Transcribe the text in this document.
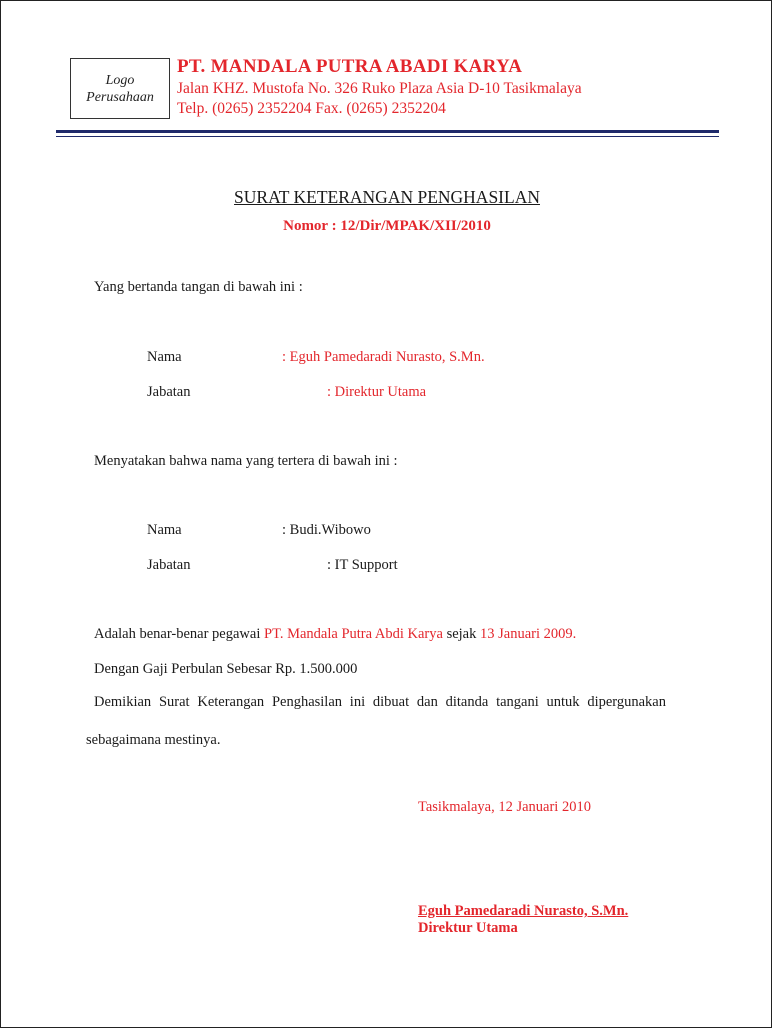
Logo
Perusahaan
PT. MANDALA PUTRA ABADI KARYA
Jalan KHZ. Mustofa No. 326 Ruko Plaza Asia D-10 Tasikmalaya
Telp. (0265) 2352204 Fax. (0265) 2352204
SURAT KETERANGAN PENGHASILAN
Nomor : 12/Dir/MPAK/XII/2010
Yang bertanda tangan di bawah ini :
Nama	: Eguh Pamedaradi Nurasto, S.Mn.
Jabatan	: Direktur Utama
Menyatakan bahwa nama yang tertera di bawah ini :
Nama	: Budi.Wibowo
Jabatan	: IT Support
Adalah benar-benar pegawai PT. Mandala Putra Abdi Karya sejak 13 Januari 2009.
Dengan Gaji Perbulan Sebesar Rp. 1.500.000
Demikian Surat Keterangan Penghasilan ini dibuat dan ditanda tangani untuk dipergunakan
sebagaimana mestinya.
Tasikmalaya, 12 Januari 2010
Eguh Pamedaradi Nurasto, S.Mn.
Direktur Utama
